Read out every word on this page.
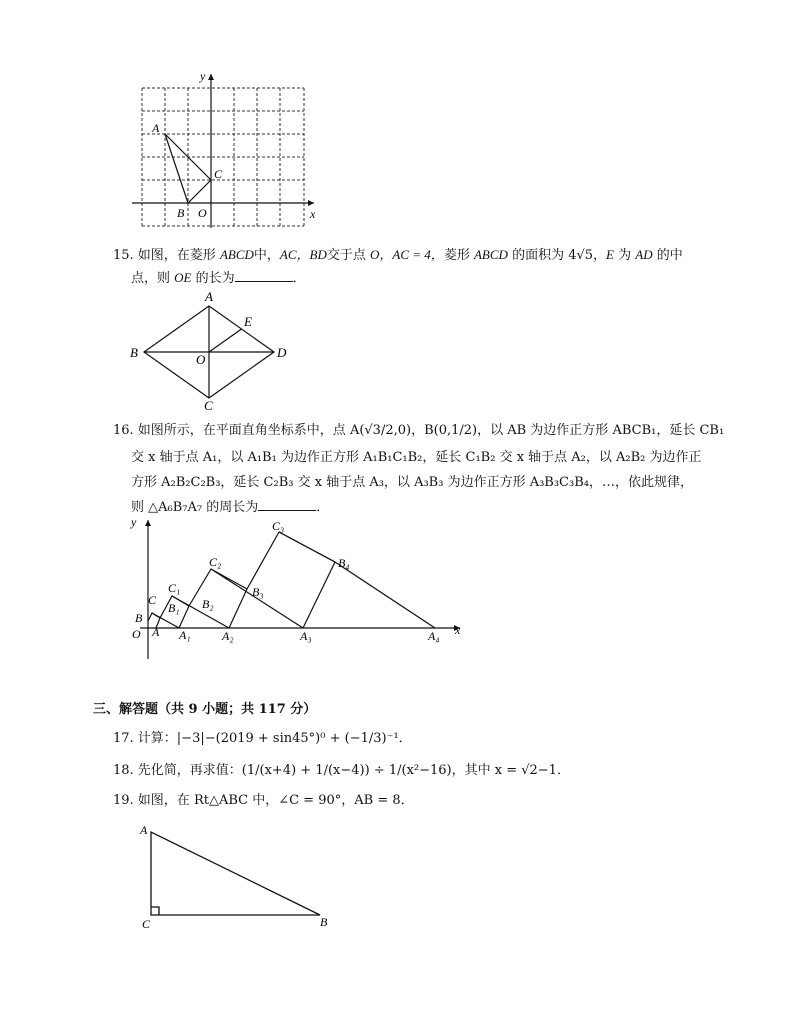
y
x
A
B
C
O
15. 如图，在菱形 ABCD中，AC，BD交于点 O，AC = 4，菱形 ABCD 的面积为 4√5，E 为 AD 的中
点，则 OE 的长为	．
A
B
C
D
E
O
16. 如图所示，在平面直角坐标系中，点 A(√3/2,0)，B(0,1/2)，以 AB 为边作正方形 ABCB₁，延长 CB₁
交 x 轴于点 A₁，以 A₁B₁ 为边作正方形 A₁B₁C₁B₂，延长 C₁B₂ 交 x 轴于点 A₂，以 A₂B₂ 为边作正
方形 A₂B₂C₂B₃，延长 C₂B₃ 交 x 轴于点 A₃，以 A₃B₃ 为边作正方形 A₃B₃C₃B₄，…，依此规律，
则 △A₆B₇A₇ 的周长为	．
y
x
O
B
C
A
C₁
B₁
A₁
C₂
B₂
A₂
C₃
B₃
A₃
B₄
A₄
三、解答题（共 9 小题；共 117 分）
17. 计算：|−3|−(2019 + sin45°)⁰ + (−1/3)⁻¹．
18. 先化简，再求值：(1/(x+4) + 1/(x−4)) ÷ 1/(x²−16)，其中 x = √2−1．
19. 如图，在 Rt△ABC 中，∠C = 90°，AB = 8．
A
C	B
